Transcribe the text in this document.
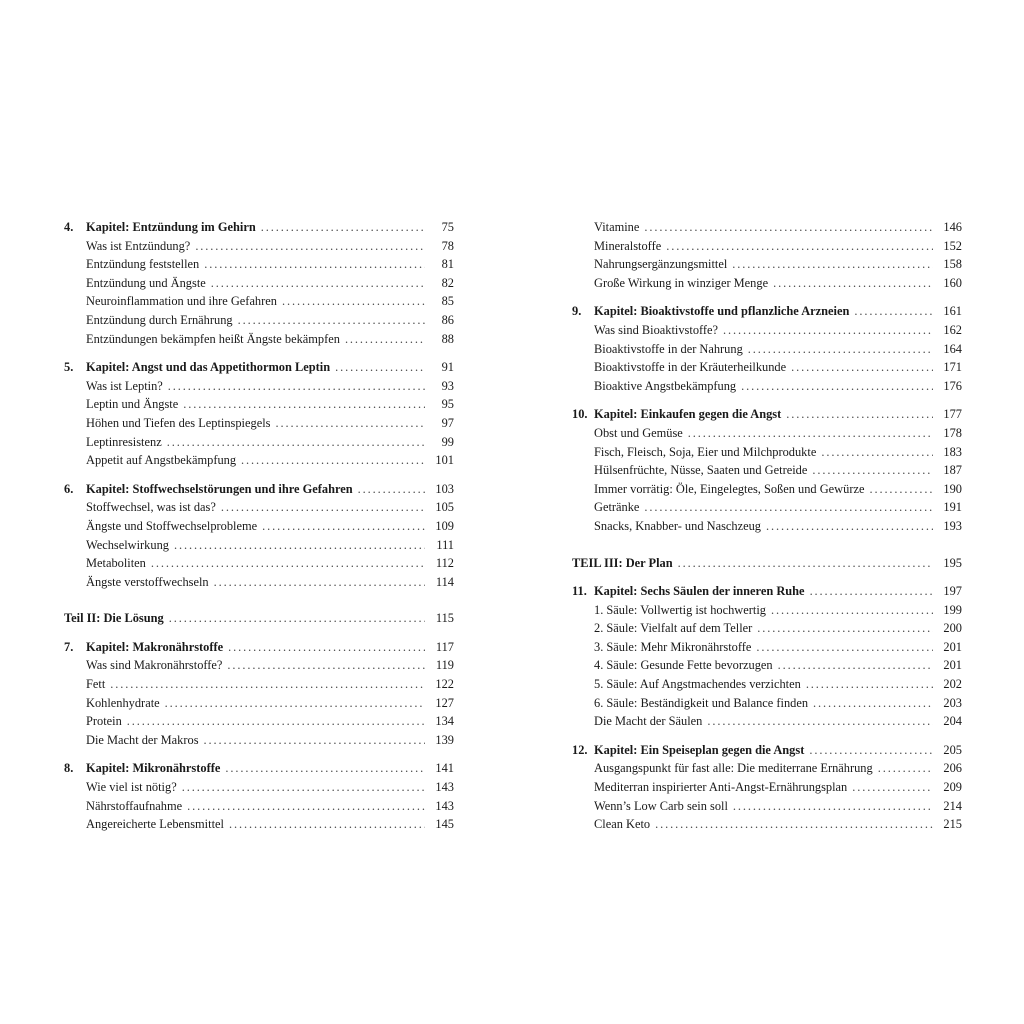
4.	Kapitel: Entzündung im Gehirn . . .	75
Was ist Entzündung? . . .	78
Entzündung feststellen . . .	81
Entzündung und Ängste . . .	82
Neuroinflammation und ihre Gefahren . . .	85
Entzündung durch Ernährung . . .	86
Entzündungen bekämpfen heißt Ängste bekämpfen . . .	88
5.	Kapitel: Angst und das Appetithormon Leptin . . .	91
Was ist Leptin? . . .	93
Leptin und Ängste . . .	95
Höhen und Tiefen des Leptinspiegels . . .	97
Leptinresistenz . . .	99
Appetit auf Angstbekämpfung . . .	101
6.	Kapitel: Stoffwechselstörungen und ihre Gefahren . . .	103
Stoffwechsel, was ist das? . . .	105
Ängste und Stoffwechselprobleme . . .	109
Wechselwirkung . . .	111
Metaboliten . . .	112
Ängste verstoffwechseln . . .	114
Teil II: Die Lösung . . .	115
7.	Kapitel: Makronährstoffe . . .	117
Was sind Makronährstoffe? . . .	119
Fett . . .	122
Kohlenhydrate . . .	127
Protein . . .	134
Die Macht der Makros . . .	139
8.	Kapitel: Mikronährstoffe . . .	141
Wie viel ist nötig? . . .	143
Nährstoffaufnahme . . .	143
Angereicherte Lebensmittel . . .	145
Vitamine . . .	146
Mineralstoffe . . .	152
Nahrungsergänzungsmittel . . .	158
Große Wirkung in winziger Menge . . .	160
9.	Kapitel: Bioaktivstoffe und pflanzliche Arzneien . . .	161
Was sind Bioaktivstoffe? . . .	162
Bioaktivstoffe in der Nahrung . . .	164
Bioaktivstoffe in der Kräuterheilkunde . . .	171
Bioaktive Angstbekämpfung . . .	176
10. Kapitel: Einkaufen gegen die Angst . . .	177
Obst und Gemüse . . .	178
Fisch, Fleisch, Soja, Eier und Milchprodukte . . .	183
Hülsenfrüchte, Nüsse, Saaten und Getreide . . .	187
Immer vorrätig: Öle, Eingelegtes, Soßen und Gewürze . . .	190
Getränke . . .	191
Snacks, Knabber- und Naschzeug . . .	193
TEIL III: Der Plan . . .	195
11. Kapitel: Sechs Säulen der inneren Ruhe . . .	197
1. Säule: Vollwertig ist hochwertig . . .	199
2. Säule: Vielfalt auf dem Teller . . .	200
3. Säule: Mehr Mikronährstoffe . . .	201
4. Säule: Gesunde Fette bevorzugen . . .	201
5. Säule: Auf Angstmachendes verzichten . . .	202
6. Säule: Beständigkeit und Balance finden . . .	203
Die Macht der Säulen . . .	204
12. Kapitel: Ein Speiseplan gegen die Angst . . .	205
Ausgangspunkt für fast alle: Die mediterrane Ernährung . . .	206
Mediterran inspirierter Anti-Angst-Ernährungsplan . . .	209
Wenn’s Low Carb sein soll . . .	214
Clean Keto . . .	215
